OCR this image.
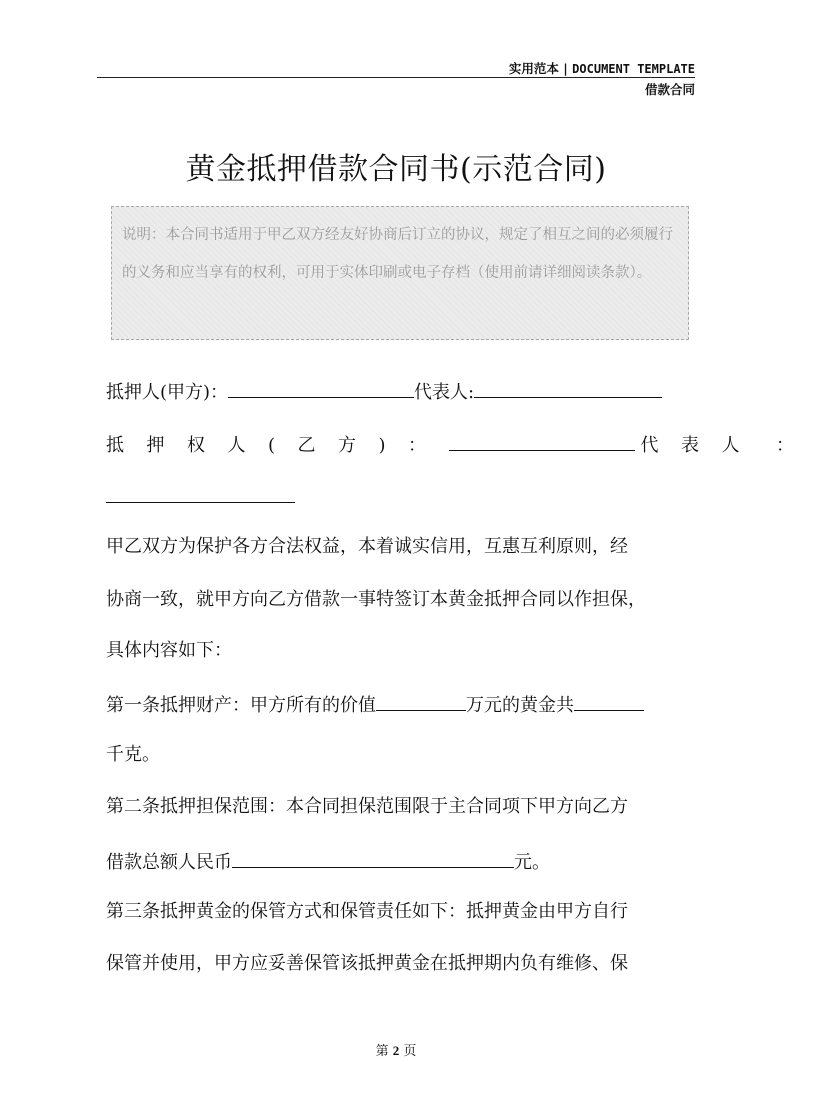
实用范本 | DOCUMENT TEMPLATE
借款合同
黄金抵押借款合同书(示范合同)
说明：本合同书适用于甲乙双方经友好协商后订立的协议，规定了相互之间的必须履行的义务和应当享有的权利，可用于实体印刷或电子存档（使用前请详细阅读条款）。
抵押人(甲方)：	代表人:
抵押权人(乙方)：	代表人 ：
甲乙双方为保护各方合法权益，本着诚实信用，互惠互利原则，经
协商一致，就甲方向乙方借款一事特签订本黄金抵押合同以作担保，
具体内容如下：
第一条抵押财产：甲方所有的价值	万元的黄金共
千克。
第二条抵押担保范围：本合同担保范围限于主合同项下甲方向乙方
借款总额人民币	元。
第三条抵押黄金的保管方式和保管责任如下：抵押黄金由甲方自行
保管并使用，甲方应妥善保管该抵押黄金在抵押期内负有维修、保
第 2 页
